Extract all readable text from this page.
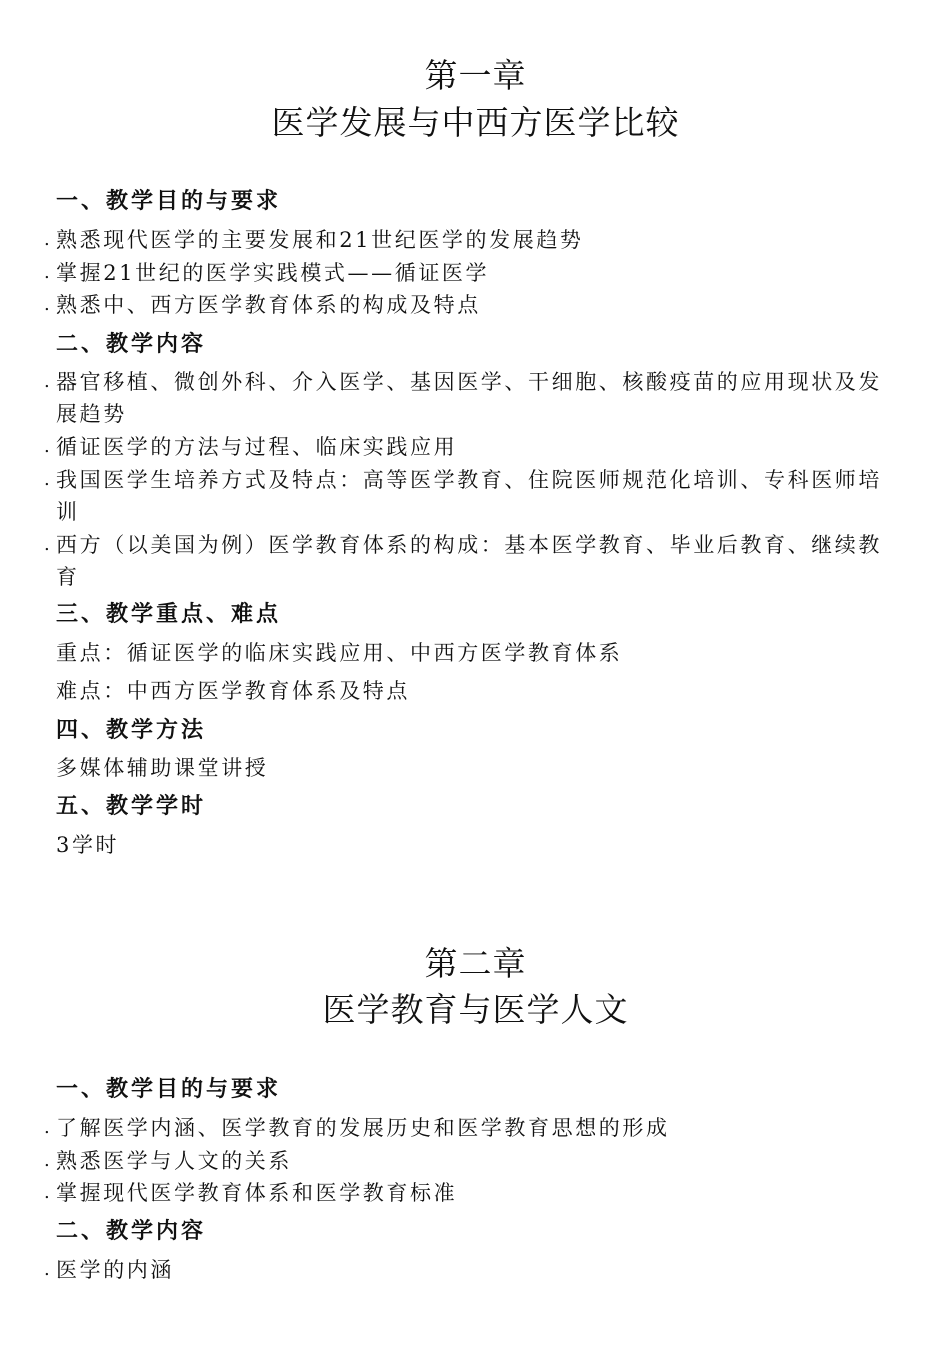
第一章
医学发展与中西方医学比较
一、教学目的与要求
. 熟悉现代医学的主要发展和21世纪医学的发展趋势
. 掌握21世纪的医学实践模式——循证医学
. 熟悉中、西方医学教育体系的构成及特点
二、教学内容
. 器官移植、微创外科、介入医学、基因医学、干细胞、核酸疫苗的应用现状及发展趋势
. 循证医学的方法与过程、临床实践应用
. 我国医学生培养方式及特点：高等医学教育、住院医师规范化培训、专科医师培训
. 西方（以美国为例）医学教育体系的构成：基本医学教育、毕业后教育、继续教育
三、教学重点、难点
重点：循证医学的临床实践应用、中西方医学教育体系
难点：中西方医学教育体系及特点
四、教学方法
多媒体辅助课堂讲授
五、教学学时
3学时
第二章
医学教育与医学人文
一、教学目的与要求
. 了解医学内涵、医学教育的发展历史和医学教育思想的形成
. 熟悉医学与人文的关系
. 掌握现代医学教育体系和医学教育标准
二、教学内容
. 医学的内涵
